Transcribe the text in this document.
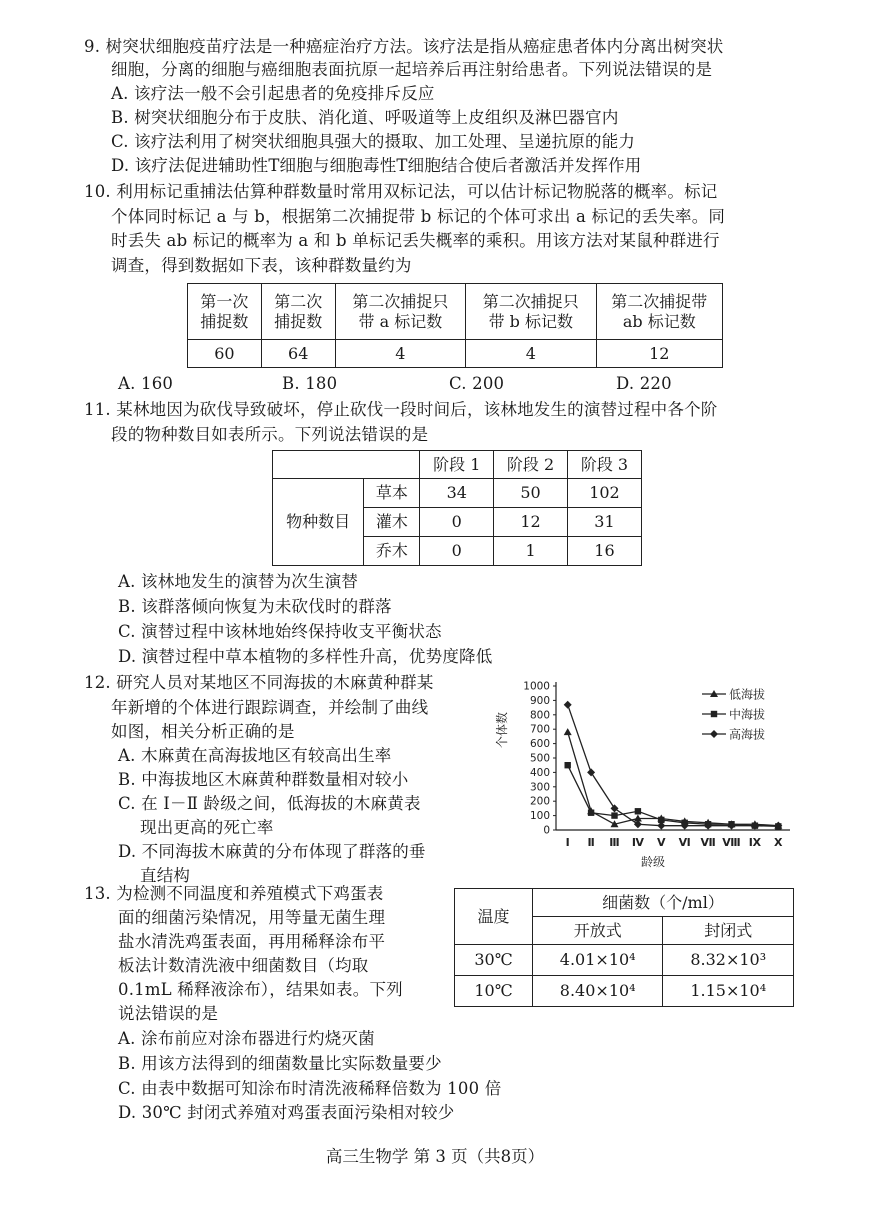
9. 树突状细胞疫苗疗法是一种癌症治疗方法。该疗法是指从癌症患者体内分离出树突状
细胞，分离的细胞与癌细胞表面抗原一起培养后再注射给患者。下列说法错误的是
A. 该疗法一般不会引起患者的免疫排斥反应
B. 树突状细胞分布于皮肤、消化道、呼吸道等上皮组织及淋巴器官内
C. 该疗法利用了树突状细胞具强大的摄取、加工处理、呈递抗原的能力
D. 该疗法促进辅助性T细胞与细胞毒性T细胞结合使后者激活并发挥作用
10. 利用标记重捕法估算种群数量时常用双标记法，可以估计标记物脱落的概率。标记
个体同时标记 a 与 b，根据第二次捕捉带 b 标记的个体可求出 a 标记的丢失率。同
时丢失 ab 标记的概率为 a 和 b 单标记丢失概率的乘积。用该方法对某鼠种群进行
调查，得到数据如下表，该种群数量约为
第一次
捕捉数	第二次
捕捉数	第二次捕捉只
带 a 标记数	第二次捕捉只
带 b 标记数	第二次捕捉带
ab 标记数
60	64	4	4	12
A. 160	B. 180	C. 200	D. 220
11. 某林地因为砍伐导致破坏，停止砍伐一段时间后，该林地发生的演替过程中各个阶
段的物种数目如表所示。下列说法错误的是
		阶段 1	阶段 2	阶段 3
物种数目	草本	34	50	102
	灌木	0	12	31
	乔木	0	1	16
A. 该林地发生的演替为次生演替
B. 该群落倾向恢复为未砍伐时的群落
C. 演替过程中该林地始终保持收支平衡状态
D. 演替过程中草本植物的多样性升高，优势度降低
12. 研究人员对某地区不同海拔的木麻黄种群某
年新增的个体进行跟踪调查，并绘制了曲线
如图，相关分析正确的是
A. 木麻黄在高海拔地区有较高出生率
B. 中海拔地区木麻黄种群数量相对较小
C. 在 Ⅰ－Ⅱ 龄级之间，低海拔的木麻黄表
现出更高的死亡率
D. 不同海拔木麻黄的分布体现了群落的垂
直结构
0
100
200
300
400
500
600
700
800
900
1000
Ⅰ Ⅱ Ⅲ Ⅳ Ⅴ Ⅵ Ⅶ Ⅷ Ⅸ Ⅹ
龄级
个体数
低海拔
中海拔
高海拔
13. 为检测不同温度和养殖模式下鸡蛋表
面的细菌污染情况，用等量无菌生理
盐水清洗鸡蛋表面，再用稀释涂布平
板法计数清洗液中细菌数目（均取
0.1mL 稀释液涂布），结果如表。下列
说法错误的是
温度	细菌数（个/ml）	
	开放式	封闭式
30℃	4.01×10⁴	8.32×10³
10℃	8.40×10⁴	1.15×10⁴
A. 涂布前应对涂布器进行灼烧灭菌
B. 用该方法得到的细菌数量比实际数量要少
C. 由表中数据可知涂布时清洗液稀释倍数为 100 倍
D. 30℃ 封闭式养殖对鸡蛋表面污染相对较少
高三生物学 第 3 页（共8页）
